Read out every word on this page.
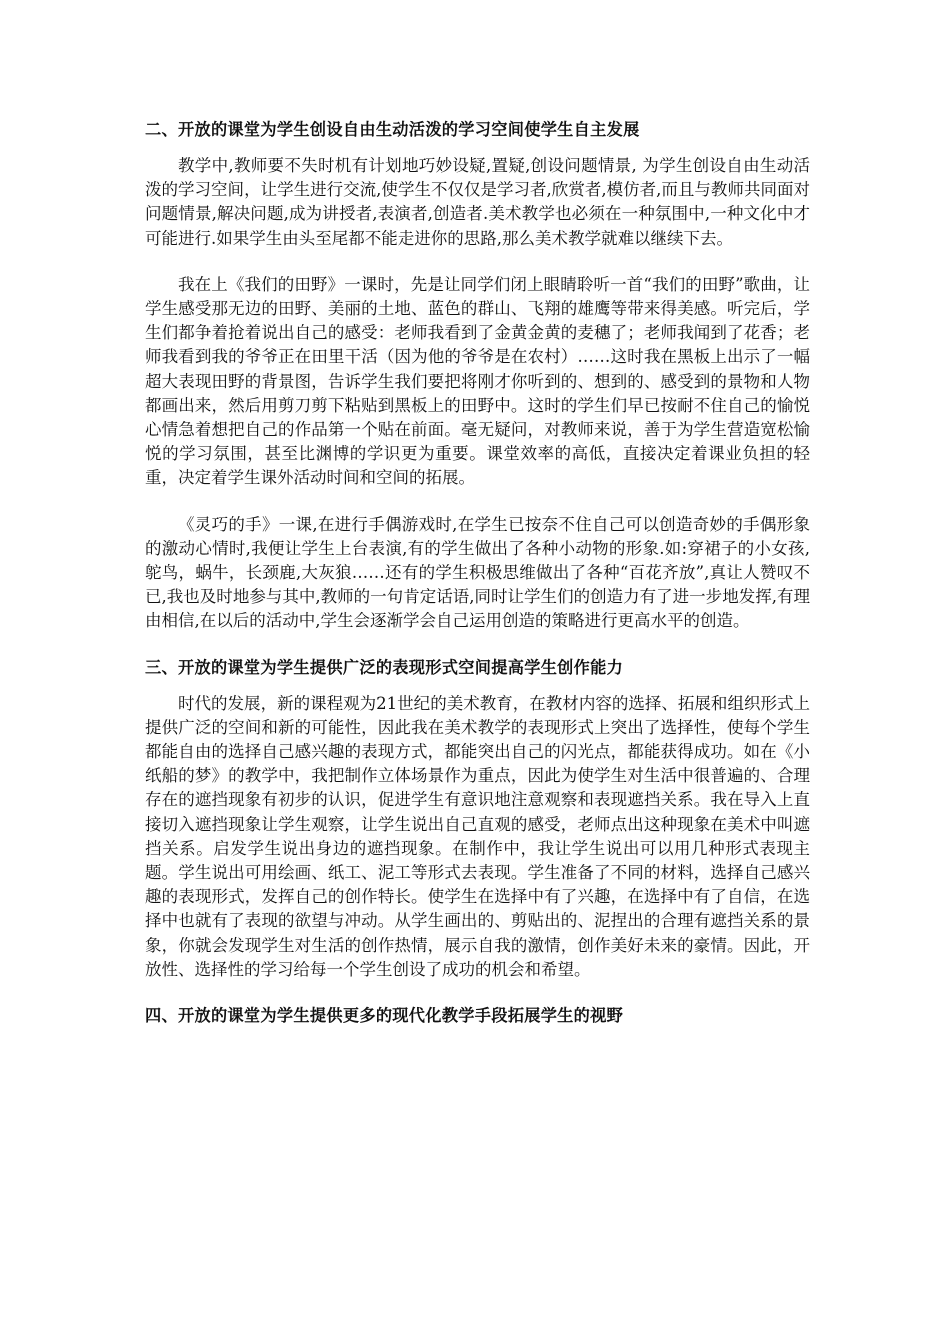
二、开放的课堂为学生创设自由生动活泼的学习空间使学生自主发展

教学中,教师要不失时机有计划地巧妙设疑,置疑,创设问题情景, 为学生创设自由生动活泼的学习空间，让学生进行交流,使学生不仅仅是学习者,欣赏者,模仿者,而且与教师共同面对问题情景,解决问题,成为讲授者,表演者,创造者.美术教学也必须在一种氛围中,一种文化中才可能进行.如果学生由头至尾都不能走进你的思路,那么美术教学就难以继续下去。

我在上《我们的田野》一课时，先是让同学们闭上眼睛聆听一首“我们的田野”歌曲，让学生感受那无边的田野、美丽的土地、蓝色的群山、飞翔的雄鹰等带来得美感。听完后，学生们都争着抢着说出自己的感受：老师我看到了金黄金黄的麦穗了；老师我闻到了花香；老师我看到我的爷爷正在田里干活（因为他的爷爷是在农村）……这时我在黑板上出示了一幅超大表现田野的背景图，告诉学生我们要把将刚才你听到的、想到的、感受到的景物和人物都画出来，然后用剪刀剪下粘贴到黑板上的田野中。这时的学生们早已按耐不住自己的愉悦心情急着想把自己的作品第一个贴在前面。毫无疑问，对教师来说，善于为学生营造宽松愉悦的学习氛围，甚至比渊博的学识更为重要。课堂效率的高低，直接决定着课业负担的轻重，决定着学生课外活动时间和空间的拓展。

《灵巧的手》一课,在进行手偶游戏时,在学生已按奈不住自己可以创造奇妙的手偶形象的激动心情时,我便让学生上台表演,有的学生做出了各种小动物的形象.如:穿裙子的小女孩,鸵鸟，蜗牛，长颈鹿,大灰狼……还有的学生积极思维做出了各种“百花齐放”,真让人赞叹不已,我也及时地参与其中,教师的一句肯定话语,同时让学生们的创造力有了进一步地发挥,有理由相信,在以后的活动中,学生会逐渐学会自己运用创造的策略进行更高水平的创造。

三、开放的课堂为学生提供广泛的表现形式空间提高学生创作能力

时代的发展，新的课程观为21世纪的美术教育，在教材内容的选择、拓展和组织形式上提供广泛的空间和新的可能性，因此我在美术教学的表现形式上突出了选择性，使每个学生都能自由的选择自己感兴趣的表现方式，都能突出自己的闪光点，都能获得成功。如在《小纸船的梦》的教学中，我把制作立体场景作为重点，因此为使学生对生活中很普遍的、合理存在的遮挡现象有初步的认识，促进学生有意识地注意观察和表现遮挡关系。我在导入上直接切入遮挡现象让学生观察，让学生说出自己直观的感受，老师点出这种现象在美术中叫遮挡关系。启发学生说出身边的遮挡现象。在制作中，我让学生说出可以用几种形式表现主题。学生说出可用绘画、纸工、泥工等形式去表现。学生准备了不同的材料，选择自己感兴趣的表现形式，发挥自己的创作特长。使学生在选择中有了兴趣，在选择中有了自信，在选择中也就有了表现的欲望与冲动。从学生画出的、剪贴出的、泥捏出的合理有遮挡关系的景象，你就会发现学生对生活的创作热情，展示自我的激情，创作美好未来的豪情。因此，开放性、选择性的学习给每一个学生创设了成功的机会和希望。

四、开放的课堂为学生提供更多的现代化教学手段拓展学生的视野
